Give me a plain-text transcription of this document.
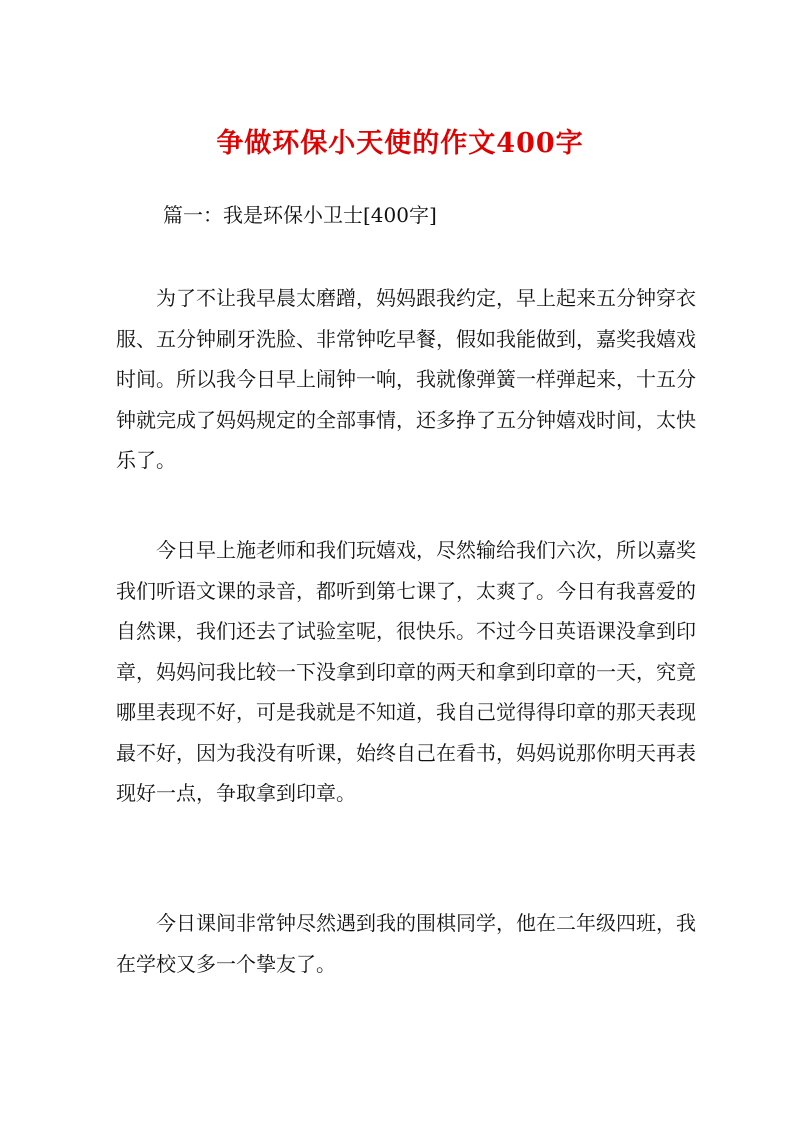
争做环保小天使的作文400字
篇一：我是环保小卫士[400字]
为了不让我早晨太磨蹭，妈妈跟我约定，早上起来五分钟穿衣服、五分钟刷牙洗脸、非常钟吃早餐，假如我能做到，嘉奖我嬉戏时间。所以我今日早上闹钟一响，我就像弹簧一样弹起来，十五分钟就完成了妈妈规定的全部事情，还多挣了五分钟嬉戏时间，太快乐了。
今日早上施老师和我们玩嬉戏，尽然输给我们六次，所以嘉奖我们听语文课的录音，都听到第七课了，太爽了。今日有我喜爱的自然课，我们还去了试验室呢，很快乐。不过今日英语课没拿到印章，妈妈问我比较一下没拿到印章的两天和拿到印章的一天，究竟哪里表现不好，可是我就是不知道，我自己觉得得印章的那天表现最不好，因为我没有听课，始终自己在看书，妈妈说那你明天再表现好一点，争取拿到印章。
今日课间非常钟尽然遇到我的围棋同学，他在二年级四班，我在学校又多一个挚友了。
